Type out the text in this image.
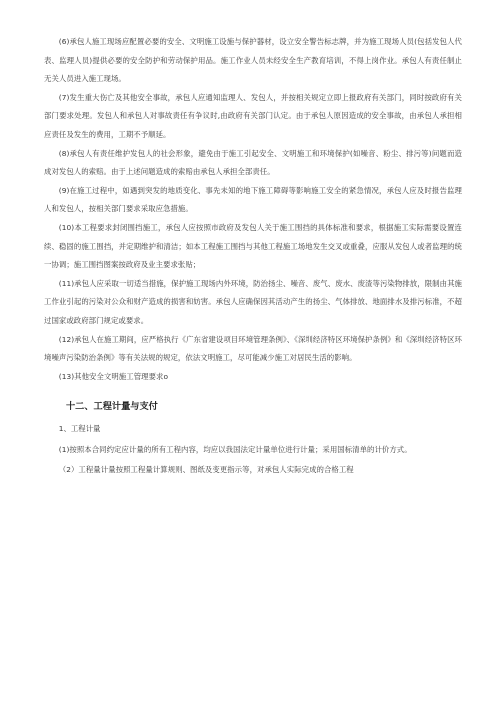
(6)承包人施工现场应配置必要的安全、文明施工设施与保护器材，设立安全警告标志牌，并为施工现场人员(包括发包人代表、监理人员)提供必要的安全防护和劳动保护用品。施工作业人员未经安全生产教育培训，不得上岗作业。承包人有责任制止无关人员进入施工现场。

(7)发生重大伤亡及其他安全事故，承包人应通知监理人、发包人，并按相关规定立即上报政府有关部门，同时按政府有关部门要求处理。发包人和承包人对事故责任有争议时,由政府有关部门认定。由于承包人原因造成的安全事故，由承包人承担相应责任及发生的费用，工期不予顺延。

(8)承包人有责任维护发包人的社会形象，避免由于施工引起安全、文明施工和环境保护(如噪音、粉尘、排污等)问题而造成对发包人的索赔。由于上述问题造成的索赔由承包人承担全部责任。

(9)在施工过程中，如遇到突发的地质变化、事先未知的地下施工障碍等影响施工安全的紧急情况，承包人应及时报告监理人和发包人，按相关部门要求采取应急措施。

(10)本工程要求封闭围挡施工，承包人应按照市政府及发包人关于施工围挡的具体标准和要求，根据施工实际需要设置连续、稳固的施工围挡，并定期维护和清洁；如本工程施工围挡与其他工程施工场地发生交叉或重叠，应服从发包人或者监理的统一协调；施工围挡图案按政府及业主要求张贴；

(11)承包人应采取一切适当措施，保护施工现场内外环境，防治扬尘、噪音、废气、废水、废渣等污染物排放，限制由其施工作业引起的污染对公众和财产造成的损害和妨害。承包人应确保因其活动产生的扬尘、气体排放、地面排水及排污标准，不超过国家或政府部门规定或要求。

(12)承包人在施工期间，应严格执行《广东省建设项目环境管理条例》、《深圳经济特区环境保护条例》和《深圳经济特区环境噪声污染防治条例》等有关法规的规定，依法文明施工，尽可能减少施工对居民生活的影响。

(13)其他安全文明施工管理要求o

十二、工程计量与支付

1、工程计量

(1)按照本合同约定应计量的所有工程内容，均应以我国法定计量单位进行计量；采用国标清单的计价方式。

（2）工程量计量按照工程量计算规则、图纸及变更指示等，对承包人实际完成的合格工程
